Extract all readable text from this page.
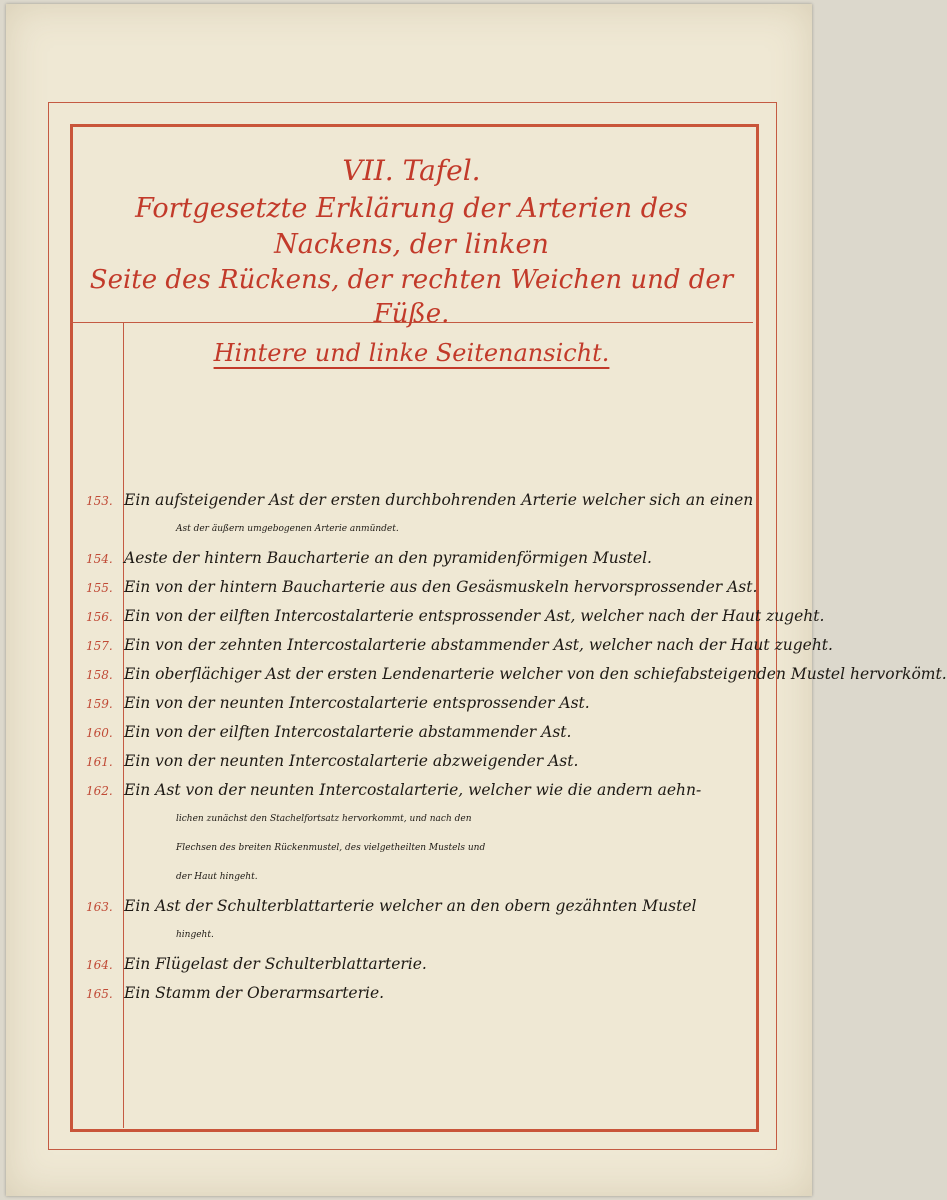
VII. Tafel.
Fortgesetzte Erklärung der Arterien des Nackens, der linken
Seite des Rückens, der rechten Weichen und der Füße.
Hintere und linke Seitenansicht.
153. Ein aufsteigender Ast der ersten durchbohrenden Arterie welcher sich an einen
Ast der äußern umgebogenen Arterie anmündet.
154. Aeste der hintern Baucharterie an den pyramidenförmigen Mustel.
155. Ein von der hintern Baucharterie aus den Gesäsmuskeln hervorsprossender Ast.
156. Ein von der eilften Intercostalarterie entsprossender Ast, welcher nach der Haut zugeht.
157. Ein von der zehnten Intercostalarterie abstammender Ast, welcher nach der Haut zugeht.
158. Ein oberflächiger Ast der ersten Lendenarterie welcher von den schiefabsteigenden Mustel hervorkömt.
159. Ein von der neunten Intercostalarterie entsprossender Ast.
160. Ein von der eilften Intercostalarterie abstammender Ast.
161. Ein von der neunten Intercostalarterie abzweigender Ast.
162. Ein Ast von der neunten Intercostalarterie, welcher wie die andern aehn-
lichen zunächst den Stachelfortsatz hervorkommt, und nach den
Flechsen des breiten Rückenmustel, des vielgetheilten Mustels und
der Haut hingeht.
163. Ein Ast der Schulterblattarterie welcher an den obern gezähnten Mustel
hingeht.
164. Ein Flügelast der Schulterblattarterie.
165. Ein Stamm der Oberarmsarterie.
